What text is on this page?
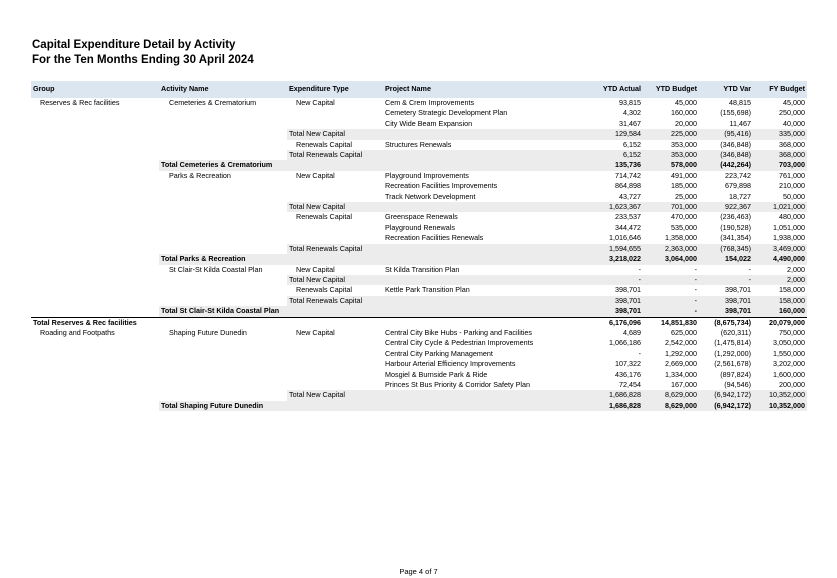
Capital Expenditure Detail by Activity
For the Ten Months Ending 30 April 2024
Group	Activity Name	Expenditure Type	Project Name	YTD Actual	YTD Budget	YTD Var	FY Budget
Reserves & Rec facilities	Cemeteries & Crematorium	New Capital	Cem & Crem Improvements	93,815	45,000	48,815	45,000
			Cemetery Strategic Development Plan	4,302	160,000	(155,698)	250,000
			City Wide Beam Expansion	31,467	20,000	11,467	40,000
		Total New Capital		129,584	225,000	(95,416)	335,000
		Renewals Capital	Structures Renewals	6,152	353,000	(346,848)	368,000
		Total Renewals Capital		6,152	353,000	(346,848)	368,000
	Total Cemeteries & Crematorium			135,736	578,000	(442,264)	703,000
	Parks & Recreation	New Capital	Playground Improvements	714,742	491,000	223,742	761,000
			Recreation Facilities Improvements	864,898	185,000	679,898	210,000
			Track Network Development	43,727	25,000	18,727	50,000
		Total New Capital		1,623,367	701,000	922,367	1,021,000
		Renewals Capital	Greenspace Renewals	233,537	470,000	(236,463)	480,000
			Playground Renewals	344,472	535,000	(190,528)	1,051,000
			Recreation Facilities Renewals	1,016,646	1,358,000	(341,354)	1,938,000
		Total Renewals Capital		1,594,655	2,363,000	(768,345)	3,469,000
	Total Parks & Recreation			3,218,022	3,064,000	154,022	4,490,000
	St Clair-St Kilda Coastal Plan	New Capital	St Kilda Transition Plan	-	-	-	2,000
		Total New Capital		-	-	-	2,000
		Renewals Capital	Kettle Park Transition Plan	398,701	-	398,701	158,000
		Total Renewals Capital		398,701	-	398,701	158,000
	Total St Clair-St Kilda Coastal Plan			398,701	-	398,701	160,000
Total Reserves & Rec facilities				6,176,096	14,851,830	(8,675,734)	20,079,000
Roading and Footpaths	Shaping Future Dunedin	New Capital	Central City Bike Hubs - Parking and Facilities	4,689	625,000	(620,311)	750,000
			Central City Cycle & Pedestrian Improvements	1,066,186	2,542,000	(1,475,814)	3,050,000
			Central City Parking Management	-	1,292,000	(1,292,000)	1,550,000
			Harbour Arterial Efficiency Improvements	107,322	2,669,000	(2,561,678)	3,202,000
			Mosgiel & Burnside Park & Ride	436,176	1,334,000	(897,824)	1,600,000
			Princes St Bus Priority & Corridor Safety Plan	72,454	167,000	(94,546)	200,000
		Total New Capital		1,686,828	8,629,000	(6,942,172)	10,352,000
	Total Shaping Future Dunedin			1,686,828	8,629,000	(6,942,172)	10,352,000
Page 4 of 7
